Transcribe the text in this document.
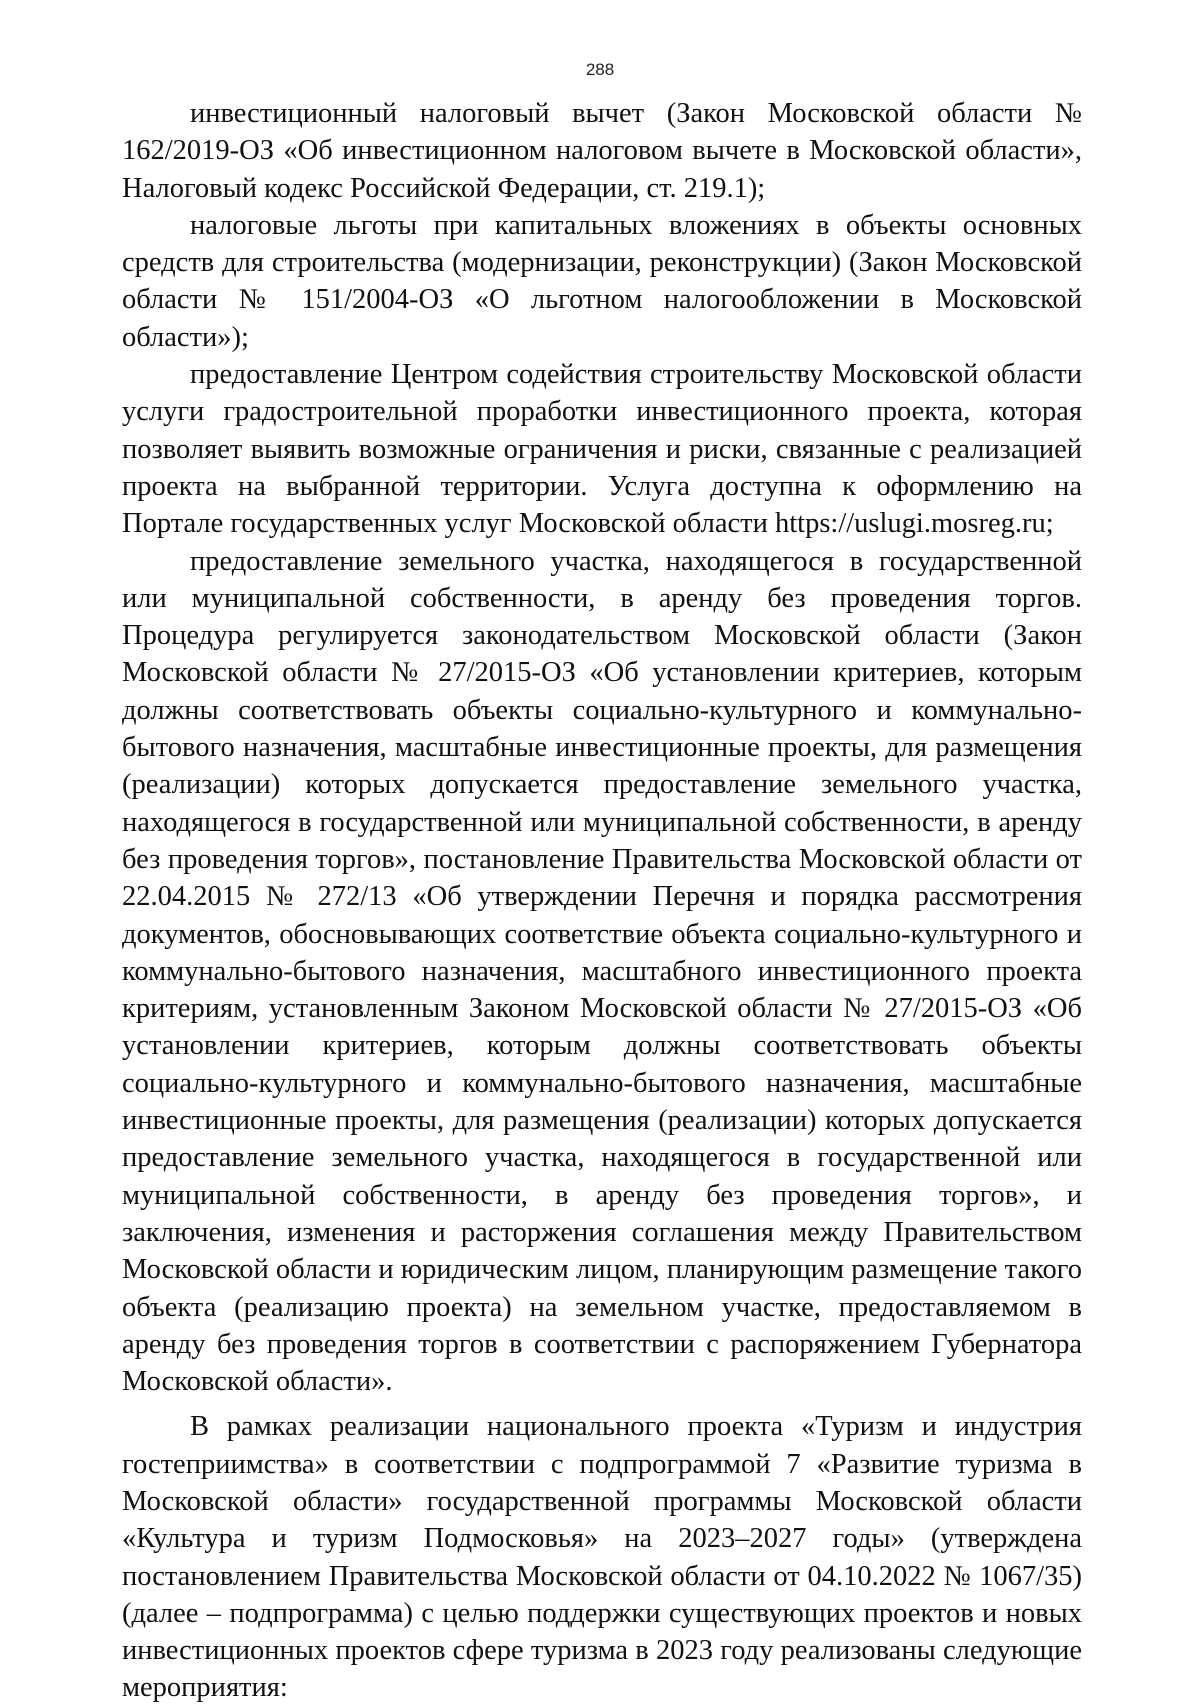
288

инвестиционный налоговый вычет (Закон Московской области № 162/2019-ОЗ «Об инвестиционном налоговом вычете в Московской области», Налоговый кодекс Российской Федерации, ст. 219.1);

налоговые льготы при капитальных вложениях в объекты основных средств для строительства (модернизации, реконструкции) (Закон Московской области № 151/2004-ОЗ «О льготном налогообложении в Московской области»);

предоставление Центром содействия строительству Московской области услуги градостроительной проработки инвестиционного проекта, которая позволяет выявить возможные ограничения и риски, связанные с реализацией проекта на выбранной территории. Услуга доступна к оформлению на Портале государственных услуг Московской области https://uslugi.mosreg.ru;

предоставление земельного участка, находящегося в государственной или муниципальной собственности, в аренду без проведения торгов. Процедура регулируется законодательством Московской области (Закон Московской области № 27/2015-ОЗ «Об установлении критериев, которым должны соответствовать объекты социально-культурного и коммунально-бытового назначения, масштабные инвестиционные проекты, для размещения (реализации) которых допускается предоставление земельного участка, находящегося в государственной или муниципальной собственности, в аренду без проведения торгов», постановление Правительства Московской области от 22.04.2015 № 272/13 «Об утверждении Перечня и порядка рассмотрения документов, обосновывающих соответствие объекта социально-культурного и коммунально-бытового назначения, масштабного инвестиционного проекта критериям, установленным Законом Московской области № 27/2015-ОЗ «Об установлении критериев, которым должны соответствовать объекты социально-культурного и коммунально-бытового назначения, масштабные инвестиционные проекты, для размещения (реализации) которых допускается предоставление земельного участка, находящегося в государственной или муниципальной собственности, в аренду без проведения торгов», и заключения, изменения и расторжения соглашения между Правительством Московской области и юридическим лицом, планирующим размещение такого объекта (реализацию проекта) на земельном участке, предоставляемом в аренду без проведения торгов в соответствии с распоряжением Губернатора Московской области».

В рамках реализации национального проекта «Туризм и индустрия гостеприимства» в соответствии с подпрограммой 7 «Развитие туризма в Московской области» государственной программы Московской области «Культура и туризм Подмосковья» на 2023–2027 годы» (утверждена постановлением Правительства Московской области от 04.10.2022 № 1067/35) (далее – подпрограмма) с целью поддержки существующих проектов и новых инвестиционных проектов сфере туризма в 2023 году реализованы следующие мероприятия:
